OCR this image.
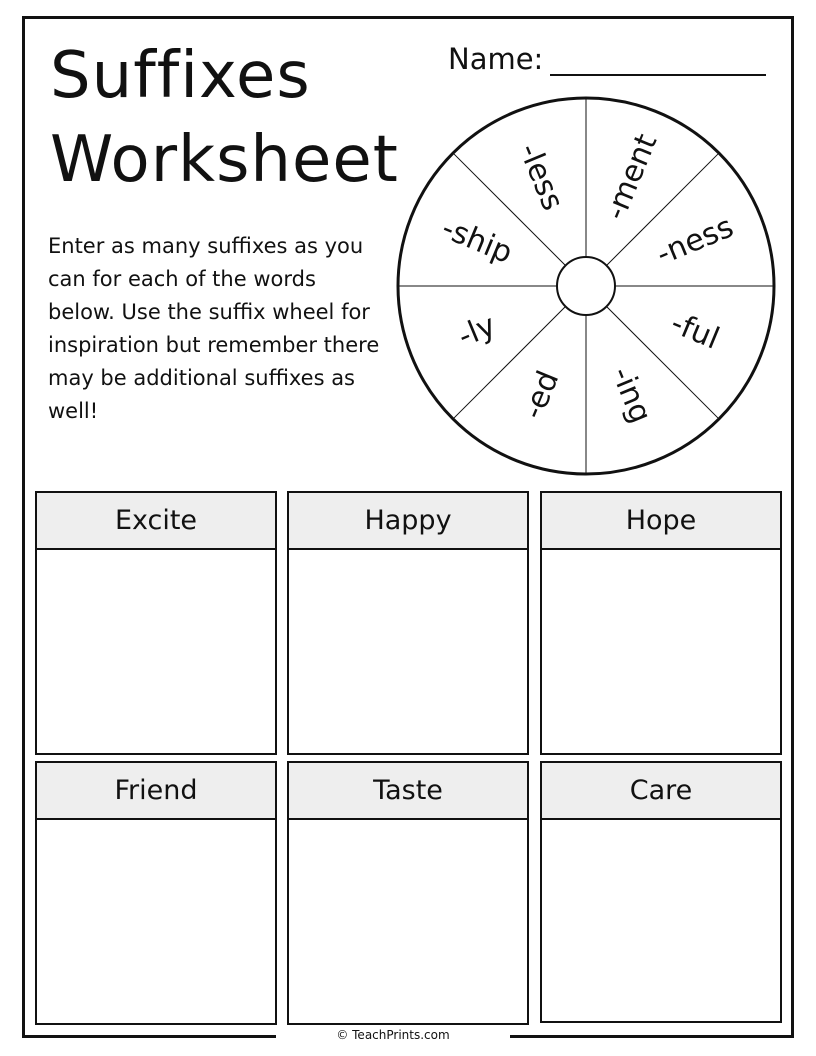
Suffixes
Worksheet
Name:

Enter as many suffixes as you can for each of the words below. Use the suffix wheel for inspiration but remember there may be additional suffixes as well!

-ment
-ness
-ful
-ing
-ed
-ly
-ship
-less
Excite	Happy	Hope
Friend	Taste	Care
© TeachPrints.com
